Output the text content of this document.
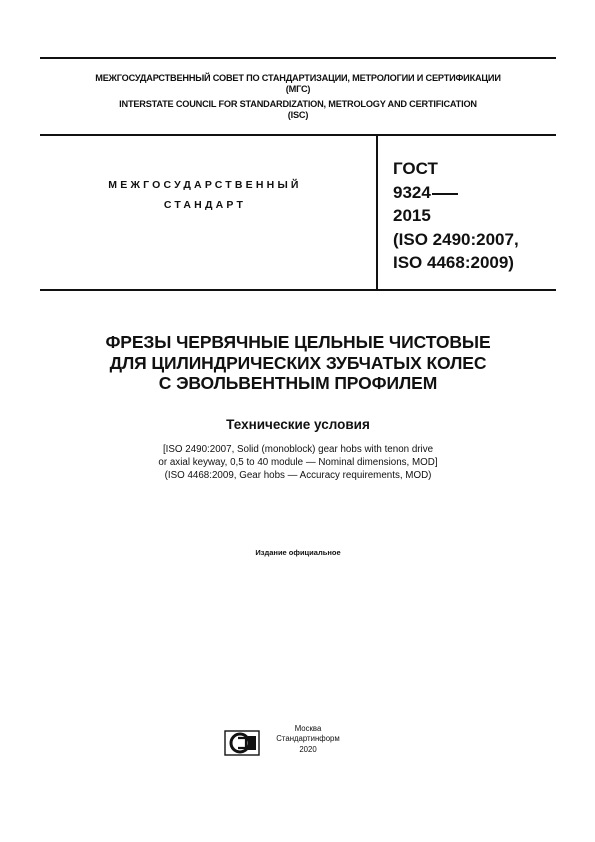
МЕЖГОСУДАРСТВЕННЫЙ СОВЕТ ПО СТАНДАРТИЗАЦИИ, МЕТРОЛОГИИ И СЕРТИФИКАЦИИ
(МГС)
INTERSTATE COUNCIL FOR STANDARDIZATION, METROLOGY AND CERTIFICATION
(ISC)
МЕЖГОСУДАРСТВЕННЫЙ
СТАНДАРТ
ГОСТ
9324
2015
(ISO 2490:2007,
ISO 4468:2009)
ФРЕЗЫ ЧЕРВЯЧНЫЕ ЦЕЛЬНЫЕ ЧИСТОВЫЕ
ДЛЯ ЦИЛИНДРИЧЕСКИХ ЗУБЧАТЫХ КОЛЕС
С ЭВОЛЬВЕНТНЫМ ПРОФИЛЕМ
Технические условия
[ISO 2490:2007, Solid (monoblock) gear hobs with tenon drive
or axial keyway, 0,5 to 40 module — Nominal dimensions, MOD]
(ISO 4468:2009, Gear hobs — Accuracy requirements, MOD)
Издание официальное
Москва
Стандартинформ
2020
